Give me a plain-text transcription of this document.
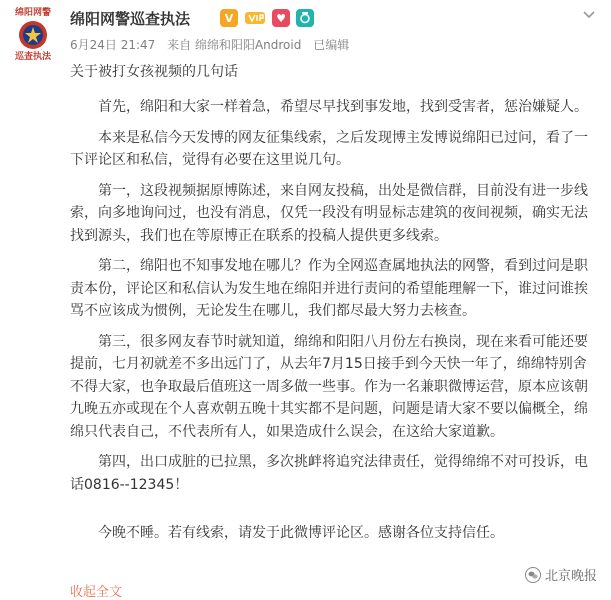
绵阳网警
巡查执法
绵阳网警巡查执法	V	♥
6月24日 21:47 来自 绵绵和阳阳Android 已编辑
关于被打女孩视频的几句话

首先，绵阳和大家一样着急，希望尽早找到事发地，找到受害者，惩治嫌疑人。

本来是私信今天发博的网友征集线索，之后发现博主发博说绵阳已过问，看了一下评论区和私信，觉得有必要在这里说几句。

第一，这段视频据原博陈述，来自网友投稿，出处是微信群，目前没有进一步线索，向多地询问过，也没有消息，仅凭一段没有明显标志建筑的夜间视频，确实无法找到源头，我们也在等原博正在联系的投稿人提供更多线索。

第二，绵阳也不知事发地在哪儿？作为全网巡查属地执法的网警，看到过问是职责本份，评论区和私信认为发生地在绵阳并进行责问的希望能理解一下，谁过问谁挨骂不应该成为惯例，无论发生在哪儿，我们都尽最大努力去核查。

第三，很多网友春节时就知道，绵绵和阳阳八月份左右换岗，现在来看可能还要提前，七月初就差不多出远门了，从去年7月15日接手到今天快一年了，绵绵特别舍不得大家，也争取最后值班这一周多做一些事。作为一名兼职微博运营，原本应该朝九晚五亦或现在个人喜欢朝五晚十其实都不是问题，问题是请大家不要以偏概全，绵绵只代表自己，不代表所有人，如果造成什么误会，在这给大家道歉。

第四，出口成脏的已拉黑，多次挑衅将追究法律责任，觉得绵绵不对可投诉，电话0816--12345！

今晚不睡。若有线索，请发于此微博评论区。感谢各位支持信任。

收起全文
北京晚报
